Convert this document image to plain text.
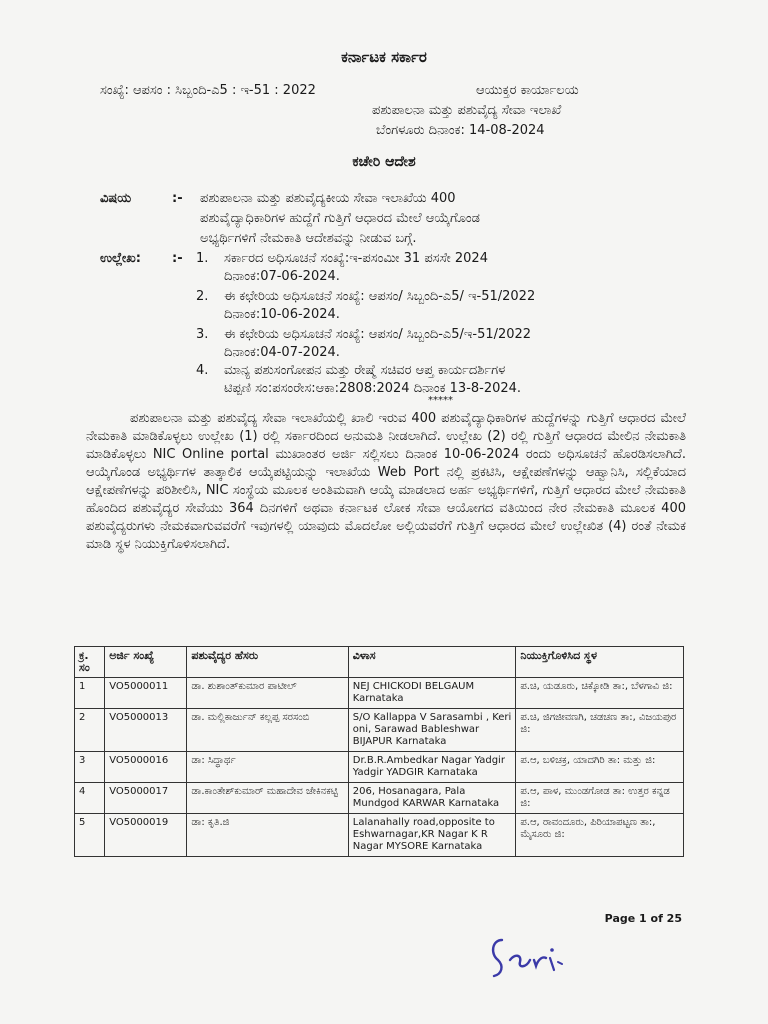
ಕರ್ನಾಟಕ ಸರ್ಕಾರ
ಸಂಖ್ಯೆ: ಆಪಸಂ : ಸಿಬ್ಬಂದಿ-ಎ5 : ಇ-51 : 2022	ಆಯುಕ್ತರ ಕಾರ್ಯಾಲಯ
ಪಶುಪಾಲನಾ ಮತ್ತು ಪಶುವೈದ್ಯ ಸೇವಾ ಇಲಾಖೆ
ಬೆಂಗಳೂರು ದಿನಾಂಕ: 14-08-2024
ಕಚೇರಿ ಆದೇಶ
ವಿಷಯ	:- ಪಶುಪಾಲನಾ ಮತ್ತು ಪಶುವೈದ್ಯಕೀಯ ಸೇವಾ ಇಲಾಖೆಯ 400
ಪಶುವೈದ್ಯಾಧಿಕಾರಿಗಳ ಹುದ್ದೆಗೆ ಗುತ್ತಿಗೆ ಆಧಾರದ ಮೇಲೆ ಆಯ್ಕೆಗೊಂಡ
ಅಭ್ಯರ್ಥಿಗಳಿಗೆ ನೇಮಕಾತಿ ಆದೇಶವನ್ನು ನೀಡುವ ಬಗ್ಗೆ.
ಉಲ್ಲೇಖ: :- 1. ಸರ್ಕಾರದ ಅಧಿಸೂಚನೆ ಸಂಖ್ಯೆ:ಇ-ಪಸಂಮೀ 31 ಪಸಸೇ 2024
ದಿನಾಂಕ:07-06-2024.
2. ಈ ಕಛೇರಿಯ ಅಧಿಸೂಚನೆ ಸಂಖ್ಯೆ: ಆಪಸಂ/ ಸಿಬ್ಬಂದಿ-ಎ5/ ಇ-51/2022
ದಿನಾಂಕ:10-06-2024.
3. ಈ ಕಛೇರಿಯ ಅಧಿಸೂಚನೆ ಸಂಖ್ಯೆ: ಆಪಸಂ/ ಸಿಬ್ಬಂದಿ-ಎ5/ಇ-51/2022
ದಿನಾಂಕ:04-07-2024.
4. ಮಾನ್ಯ ಪಶುಸಂಗೋಪನ ಮತ್ತು ರೇಷ್ಮೆ ಸಚಿವರ ಆಪ್ತ ಕಾರ್ಯದರ್ಶಿಗಳ
ಟಿಪ್ಪಣಿ ಸಂ:ಪಸಂರೇಸ:ಆಕಾ:2808:2024 ದಿನಾಂಕ 13-8-2024.
*****
ಪಶುಪಾಲನಾ ಮತ್ತು ಪಶುವೈದ್ಯ ಸೇವಾ ಇಲಾಖೆಯಲ್ಲಿ ಖಾಲಿ ಇರುವ 400 ಪಶುವೈದ್ಯಾಧಿಕಾರಿಗಳ ಹುದ್ದೆಗಳನ್ನು ಗುತ್ತಿಗೆ ಆಧಾರದ ಮೇಲೆ ನೇಮಕಾತಿ ಮಾಡಿಕೊಳ್ಳಲು ಉಲ್ಲೇಖ (1) ರಲ್ಲಿ ಸರ್ಕಾರದಿಂದ ಅನುಮತಿ ನೀಡಲಾಗಿದೆ. ಉಲ್ಲೇಖ (2) ರಲ್ಲಿ ಗುತ್ತಿಗೆ ಆಧಾರದ ಮೇಲಿನ ನೇಮಕಾತಿ ಮಾಡಿಕೊಳ್ಳಲು NIC Online portal ಮುಖಾಂತರ ಅರ್ಜಿ ಸಲ್ಲಿಸಲು ದಿನಾಂಕ 10-06-2024 ರಂದು ಅಧಿಸೂಚನೆ ಹೊರಡಿಸಲಾಗಿದೆ. ಆಯ್ಕೆಗೊಂಡ ಅಭ್ಯರ್ಥಿಗಳ ತಾತ್ಕಾಲಿಕ ಆಯ್ಕೆಪಟ್ಟಿಯನ್ನು ಇಲಾಖೆಯ Web Port ನಲ್ಲಿ ಪ್ರಕಟಿಸಿ, ಆಕ್ಷೇಪಣೆಗಳನ್ನು ಆಹ್ವಾನಿಸಿ, ಸಲ್ಲಿಕೆಯಾದ ಆಕ್ಷೇಪಣೆಗಳನ್ನು ಪರಿಶೀಲಿಸಿ, NIC ಸಂಸ್ಥೆಯ ಮೂಲಕ ಅಂತಿಮವಾಗಿ ಆಯ್ಕೆ ಮಾಡಲಾದ ಅರ್ಹ ಅಭ್ಯರ್ಥಿಗಳಿಗೆ, ಗುತ್ತಿಗೆ ಆಧಾರದ ಮೇಲೆ ನೇಮಕಾತಿ ಹೊಂದಿದ ಪಶುವೈದ್ಯರ ಸೇವೆಯು 364 ದಿನಗಳಿಗೆ ಅಥವಾ ಕರ್ನಾಟಕ ಲೋಕ ಸೇವಾ ಆಯೋಗದ ವತಿಯಿಂದ ನೇರ ನೇಮಕಾತಿ ಮೂಲಕ 400 ಪಶುವೈದ್ಯರುಗಳು ನೇಮಕವಾಗುವವರೆಗೆ ಇವುಗಳಲ್ಲಿ ಯಾವುದು ಮೊದಲೋ ಅಲ್ಲಿಯವರೆಗೆ ಗುತ್ತಿಗೆ ಆಧಾರದ ಮೇಲೆ ಉಲ್ಲೇಖಿತ (4) ರಂತೆ ನೇಮಕ ಮಾಡಿ ಸ್ಥಳ ನಿಯುಕ್ತಿಗೊಳಿಸಲಾಗಿದೆ.
ಕ್ರ. ಸಂ	ಅರ್ಜಿ ಸಂಖ್ಯೆ	ಪಶುವೈದ್ಯರ ಹೆಸರು	ವಿಳಾಸ	ನಿಯುಕ್ತಿಗೊಳಿಸಿದ ಸ್ಥಳ
1	VO5000011	ಡಾ. ಶುಶಾಂತ್‌ಕುಮಾರ ಪಾಟೀಲ್	NEJ CHICKODI BELGAUM Karnataka	ಪ.ಚಿ, ಯಡೂರು, ಚಿಕ್ಕೋಡಿ ತಾ:, ಬೆಳಗಾವಿ ಜಿ:
2	VO5000013	ಡಾ. ಮಲ್ಲಿಕಾರ್ಜುನ್ ಕಲ್ಲಪ್ಪ ಸರಸಂಬಿ	S/O Kallappa V Sarasambi , Keri oni, Sarawad Bableshwar BIJAPUR Karnataka	ಪ.ಚಿ, ಜಿಗಜೀವಣಗಿ, ಚಡಚಣ ತಾ:, ವಿಜಯಪುರ ಜಿ:
3	VO5000016	ಡಾ: ಸಿದ್ಧಾರ್ಥ	Dr.B.R.Ambedkar Nagar Yadgir Yadgir YADGIR Karnataka	ಪ.ಆ, ಬಳಿಚಕ್ರ, ಯಾದಗಿರಿ ತಾ: ಮತ್ತು ಜಿ:
4	VO5000017	ಡಾ.ಕಾಂತೇಶ್‌ಕುಮಾರ್ ಮಹಾದೇವ ಜೇಕಿನಕಟ್ಟಿ	206, Hosanagara, Pala Mundgod KARWAR Karnataka	ಪ.ಆ, ಪಾಳ, ಮುಂಡಗೋಡ ತಾ: ಉತ್ತರ ಕನ್ನಡ ಜಿ:
5	VO5000019	ಡಾ: ಕೃತಿ.ಜಿ	Lalanahally road,opposite to Eshwarnagar,KR Nagar K R Nagar MYSORE Karnataka	ಪ.ಆ, ರಾವಂದೂರು, ಪಿರಿಯಾಪಟ್ಟಣ ತಾ:, ಮೈಸೂರು ಜಿ:
Page 1 of 25
